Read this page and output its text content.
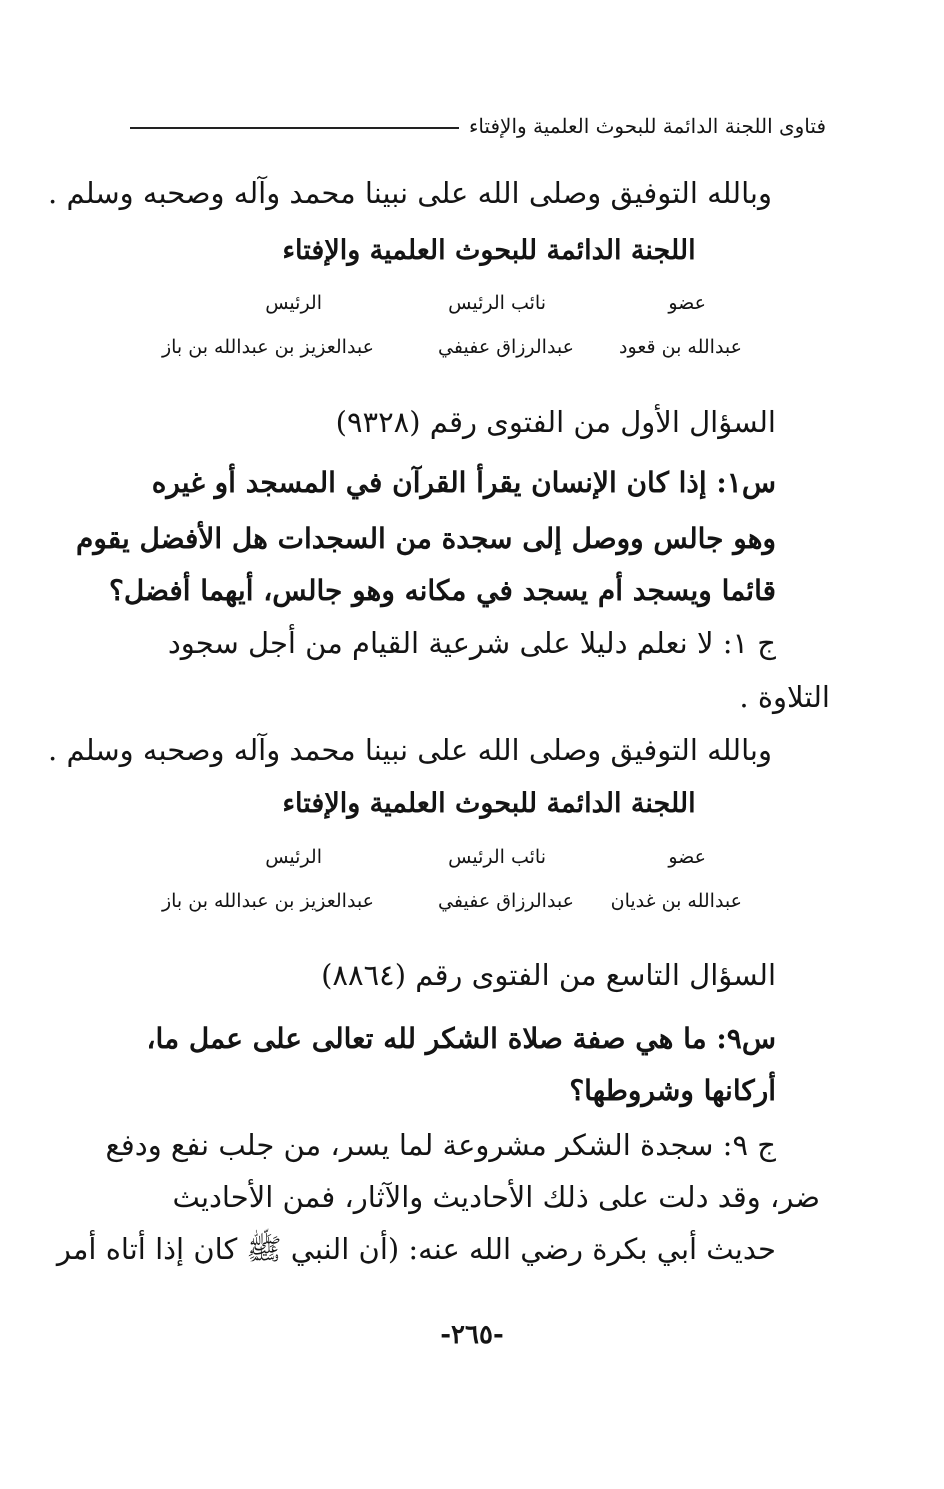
فتاوى اللجنة الدائمة للبحوث العلمية والإفتاء
وبالله التوفيق وصلى الله على نبينا محمد وآله وصحبه وسلم .
اللجنة الدائمة للبحوث العلمية والإفتاء
عضو
نائب الرئيس
الرئيس
عبدالله بن قعود
عبدالرزاق عفيفي
عبدالعزيز بن عبدالله بن باز
السؤال الأول من الفتوى رقم (٩٣٢٨)
س١: إذا كان الإنسان يقرأ القرآن في المسجد أو غيره
وهو جالس ووصل إلى سجدة من السجدات هل الأفضل يقوم
قائما ويسجد أم يسجد في مكانه وهو جالس، أيهما أفضل؟
ج ١: لا نعلم دليلا على شرعية القيام من أجل سجود
التلاوة .
وبالله التوفيق وصلى الله على نبينا محمد وآله وصحبه وسلم .
اللجنة الدائمة للبحوث العلمية والإفتاء
عضو
نائب الرئيس
الرئيس
عبدالله بن غديان
عبدالرزاق عفيفي
عبدالعزيز بن عبدالله بن باز
السؤال التاسع من الفتوى رقم (٨٨٦٤)
س٩: ما هي صفة صلاة الشكر لله تعالى على عمل ما،
أركانها وشروطها؟
ج ٩: سجدة الشكر مشروعة لما يسر، من جلب نفع ودفع
ضر، وقد دلت على ذلك الأحاديث والآثار، فمن الأحاديث
حديث أبي بكرة رضي الله عنه: (أن النبي ﷺ كان إذا أتاه أمر
-٢٦٥-
